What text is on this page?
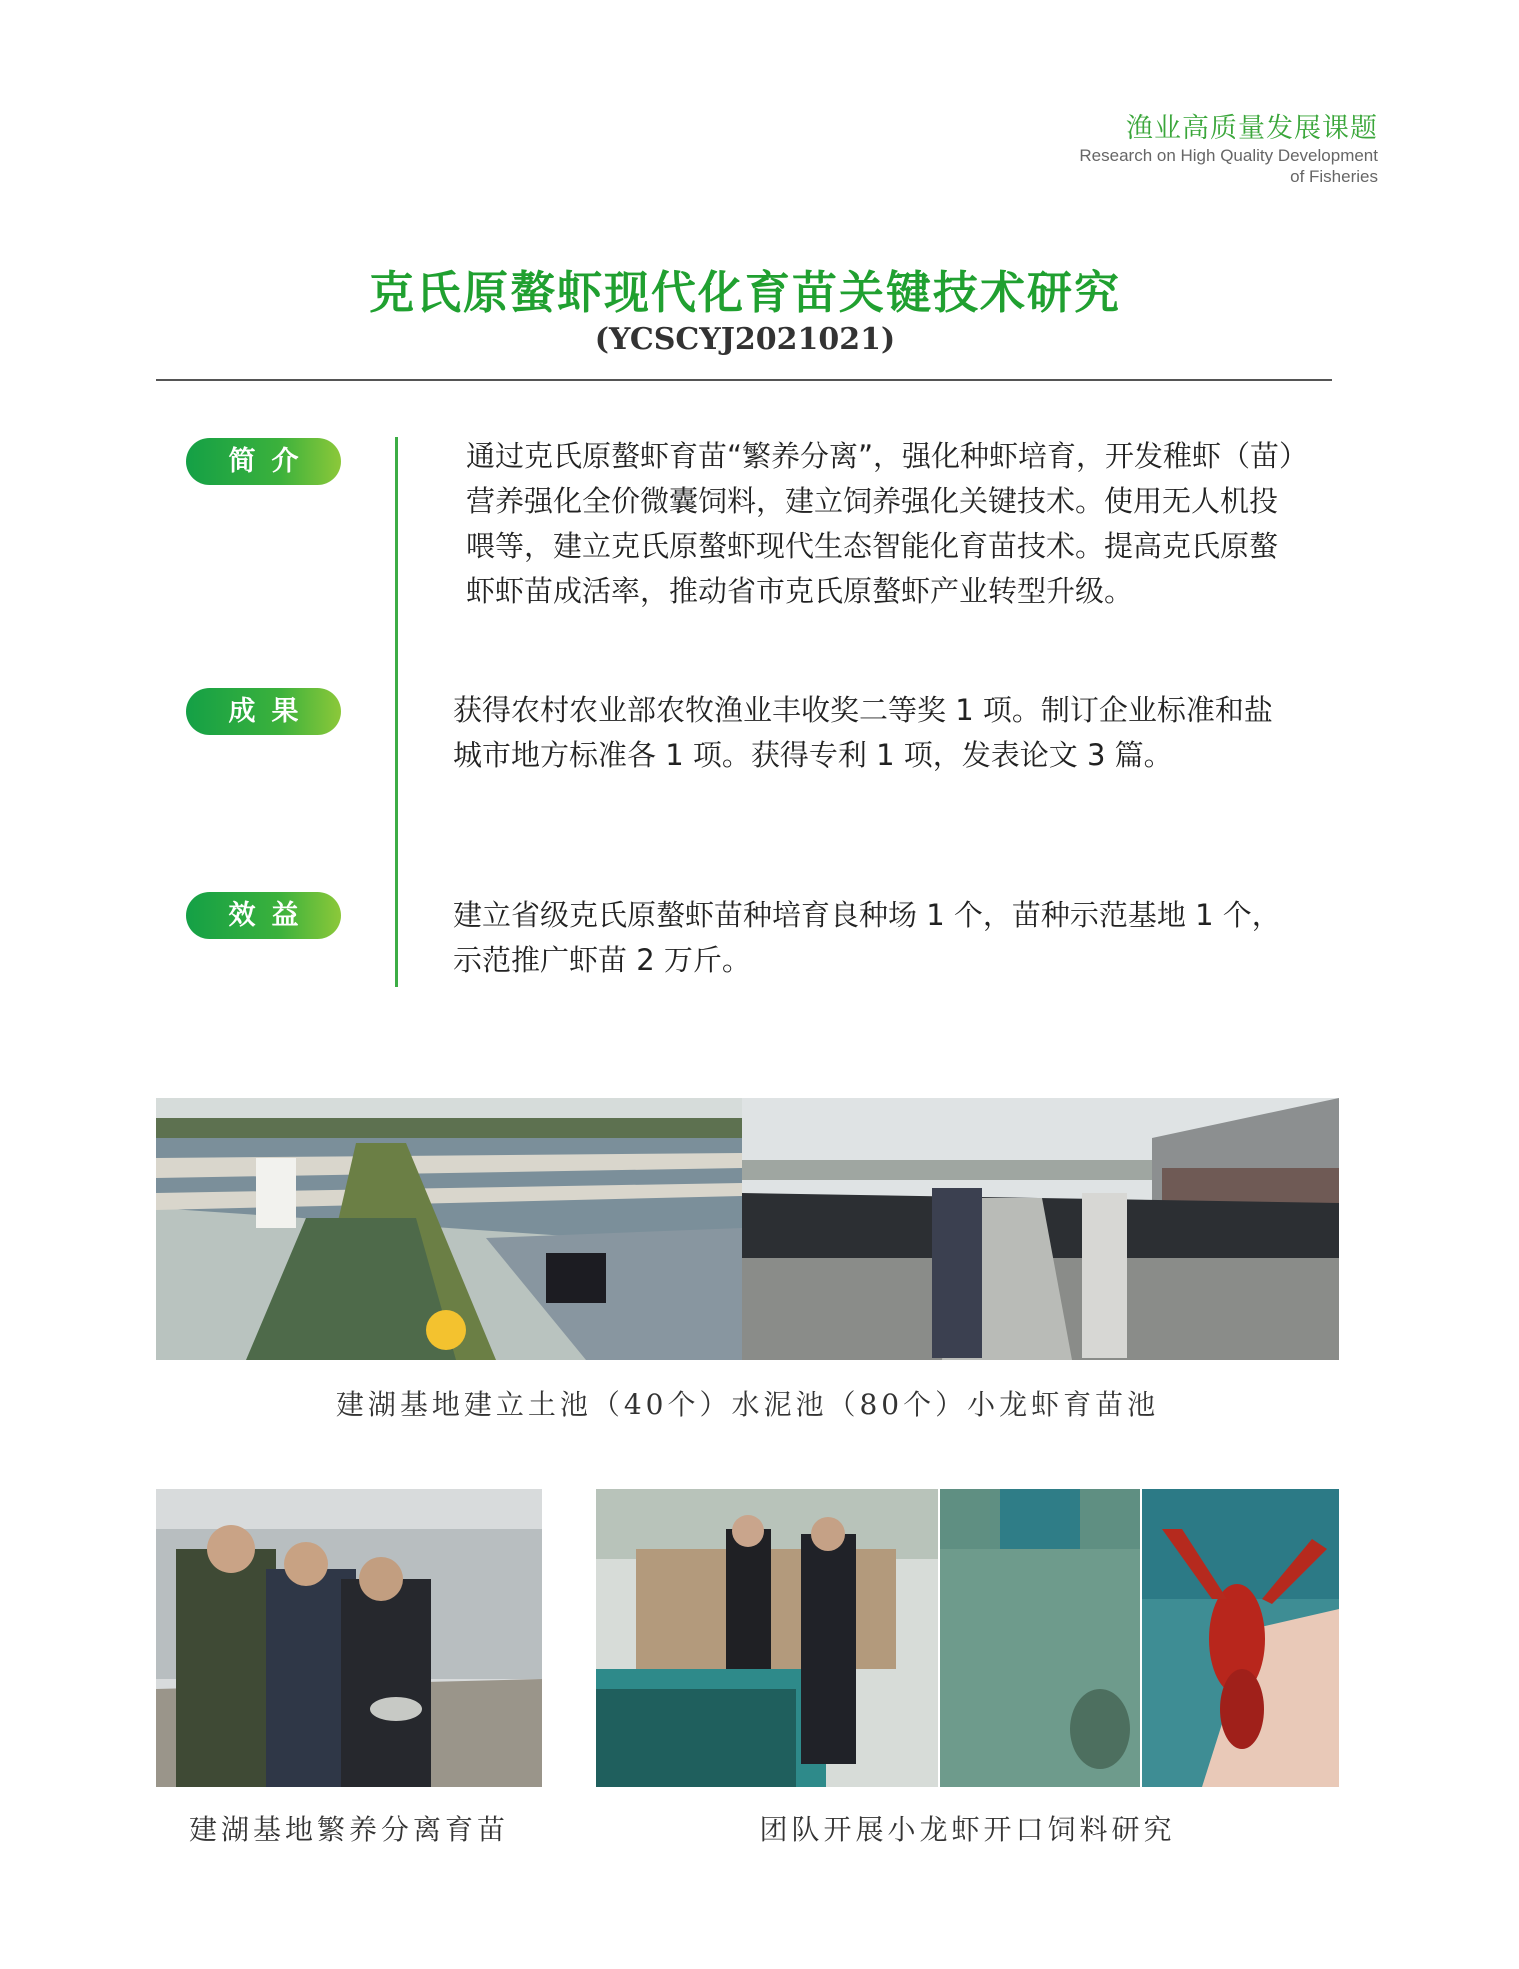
渔业高质量发展课题
Research on High Quality Development
of Fisheries
克氏原螯虾现代化育苗关键技术研究
(YCSCYJ2021021)
简介	通过克氏原螯虾育苗“繁养分离”，强化种虾培育，开发稚虾（苗）
营养强化全价微囊饲料，建立饲养强化关键技术。使用无人机投
喂等，建立克氏原螯虾现代生态智能化育苗技术。提高克氏原螯
虾虾苗成活率，推动省市克氏原螯虾产业转型升级。
成果	获得农村农业部农牧渔业丰收奖二等奖 1 项。制订企业标准和盐
城市地方标准各 1 项。获得专利 1 项，发表论文 3 篇。
效益	建立省级克氏原螯虾苗种培育良种场 1 个，苗种示范基地 1 个，
示范推广虾苗 2 万斤。
建湖基地建立土池（40个）水泥池（80个）小龙虾育苗池
建湖基地繁养分离育苗	团队开展小龙虾开口饲料研究
